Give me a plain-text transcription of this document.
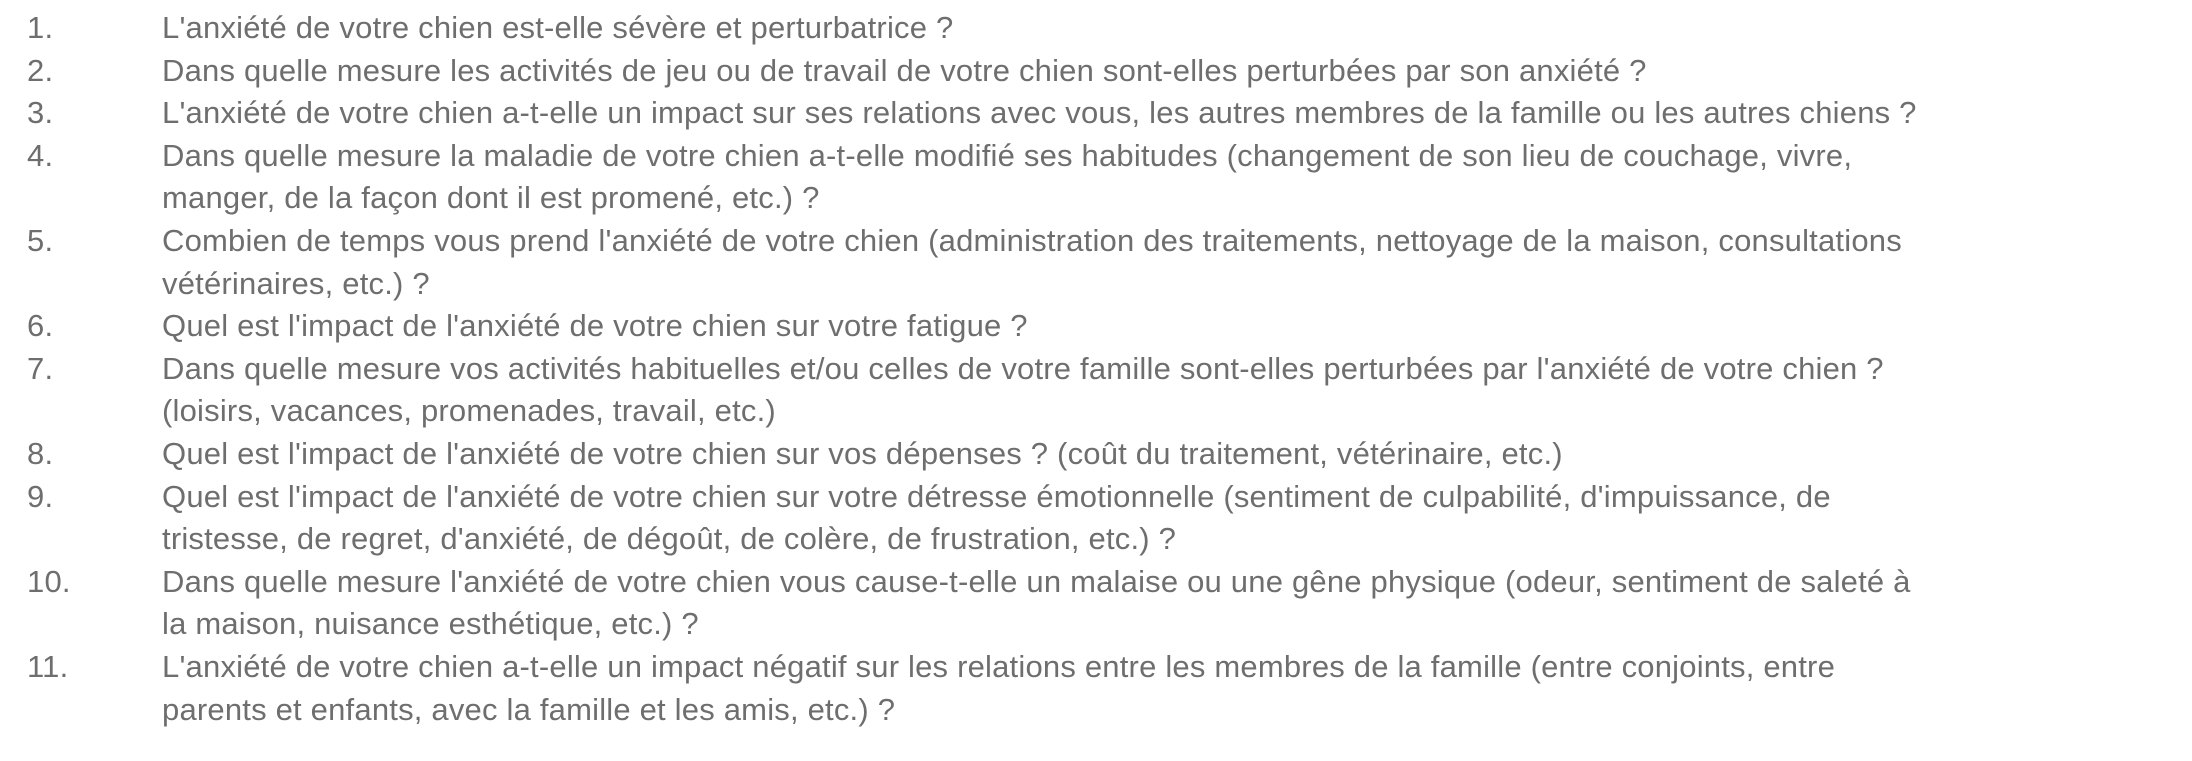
1.	L'anxiété de votre chien est-elle sévère et perturbatrice ?
2.	Dans quelle mesure les activités de jeu ou de travail de votre chien sont-elles perturbées par son anxiété ?
3.	L'anxiété de votre chien a-t-elle un impact sur ses relations avec vous, les autres membres de la famille ou les autres chiens ?
4.	Dans quelle mesure la maladie de votre chien a-t-elle modifié ses habitudes (changement de son lieu de couchage, vivre,
manger, de la façon dont il est promené, etc.) ?
5.	Combien de temps vous prend l'anxiété de votre chien (administration des traitements, nettoyage de la maison, consultations
vétérinaires, etc.) ?
6.	Quel est l'impact de l'anxiété de votre chien sur votre fatigue ?
7.	Dans quelle mesure vos activités habituelles et/ou celles de votre famille sont-elles perturbées par l'anxiété de votre chien ?
(loisirs, vacances, promenades, travail, etc.)
8.	Quel est l'impact de l'anxiété de votre chien sur vos dépenses ? (coût du traitement, vétérinaire, etc.)
9.	Quel est l'impact de l'anxiété de votre chien sur votre détresse émotionnelle (sentiment de culpabilité, d'impuissance, de
tristesse, de regret, d'anxiété, de dégoût, de colère, de frustration, etc.) ?
10.	Dans quelle mesure l'anxiété de votre chien vous cause-t-elle un malaise ou une gêne physique (odeur, sentiment de saleté à
la maison, nuisance esthétique, etc.) ?
11.	L'anxiété de votre chien a-t-elle un impact négatif sur les relations entre les membres de la famille (entre conjoints, entre
parents et enfants, avec la famille et les amis, etc.) ?
